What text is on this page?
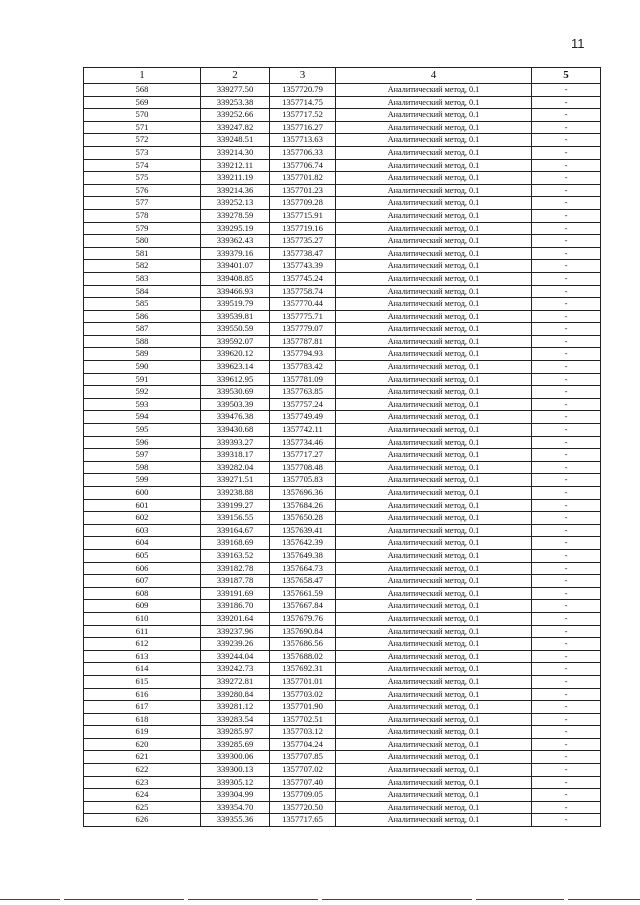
11
1	2	3	4	5
568	339277.50	1357720.79	Аналитический метод, 0.1	-
569	339253.38	1357714.75	Аналитический метод, 0.1	-
570	339252.66	1357717.52	Аналитический метод, 0.1	-
571	339247.82	1357716.27	Аналитический метод, 0.1	-
572	339248.51	1357713.63	Аналитический метод, 0.1	-
573	339214.30	1357706.33	Аналитический метод, 0.1	-
574	339212.11	1357706.74	Аналитический метод, 0.1	-
575	339211.19	1357701.82	Аналитический метод, 0.1	-
576	339214.36	1357701.23	Аналитический метод, 0.1	-
577	339252.13	1357709.28	Аналитический метод, 0.1	-
578	339278.59	1357715.91	Аналитический метод, 0.1	-
579	339295.19	1357719.16	Аналитический метод, 0.1	-
580	339362.43	1357735.27	Аналитический метод, 0.1	-
581	339379.16	1357738.47	Аналитический метод, 0.1	-
582	339401.07	1357743.39	Аналитический метод, 0.1	-
583	339408.85	1357745.24	Аналитический метод, 0.1	-
584	339466.93	1357758.74	Аналитический метод, 0.1	-
585	339519.79	1357770.44	Аналитический метод, 0.1	-
586	339539.81	1357775.71	Аналитический метод, 0.1	-
587	339550.59	1357779.07	Аналитический метод, 0.1	-
588	339592.07	1357787.81	Аналитический метод, 0.1	-
589	339620.12	1357794.93	Аналитический метод, 0.1	-
590	339623.14	1357783.42	Аналитический метод, 0.1	-
591	339612.95	1357781.09	Аналитический метод, 0.1	-
592	339530.69	1357763.85	Аналитический метод, 0.1	-
593	339503.39	1357757.24	Аналитический метод, 0.1	-
594	339476.38	1357749.49	Аналитический метод, 0.1	-
595	339430.68	1357742.11	Аналитический метод, 0.1	-
596	339393.27	1357734.46	Аналитический метод, 0.1	-
597	339318.17	1357717.27	Аналитический метод, 0.1	-
598	339282.04	1357708.48	Аналитический метод, 0.1	-
599	339271.51	1357705.83	Аналитический метод, 0.1	-
600	339238.88	1357696.36	Аналитический метод, 0.1	-
601	339199.27	1357684.26	Аналитический метод, 0.1	-
602	339156.55	1357650.28	Аналитический метод, 0.1	-
603	339164.67	1357639.41	Аналитический метод, 0.1	-
604	339168.69	1357642.39	Аналитический метод, 0.1	-
605	339163.52	1357649.38	Аналитический метод, 0.1	-
606	339182.78	1357664.73	Аналитический метод, 0.1	-
607	339187.78	1357658.47	Аналитический метод, 0.1	-
608	339191.69	1357661.59	Аналитический метод, 0.1	-
609	339186.70	1357667.84	Аналитический метод, 0.1	-
610	339201.64	1357679.76	Аналитический метод, 0.1	-
611	339237.96	1357690.84	Аналитический метод, 0.1	-
612	339239.26	1357686.56	Аналитический метод, 0.1	-
613	339244.04	1357688.02	Аналитический метод, 0.1	-
614	339242.73	1357692.31	Аналитический метод, 0.1	-
615	339272.81	1357701.01	Аналитический метод, 0.1	-
616	339280.84	1357703.02	Аналитический метод, 0.1	-
617	339281.12	1357701.90	Аналитический метод, 0.1	-
618	339283.54	1357702.51	Аналитический метод, 0.1	-
619	339285.97	1357703.12	Аналитический метод, 0.1	-
620	339285.69	1357704.24	Аналитический метод, 0.1	-
621	339300.06	1357707.85	Аналитический метод, 0.1	-
622	339300.13	1357707.02	Аналитический метод, 0.1	-
623	339305.12	1357707.40	Аналитический метод, 0.1	-
624	339304.99	1357709.05	Аналитический метод, 0.1	-
625	339354.70	1357720.50	Аналитический метод, 0.1	-
626	339355.36	1357717.65	Аналитический метод, 0.1	-
